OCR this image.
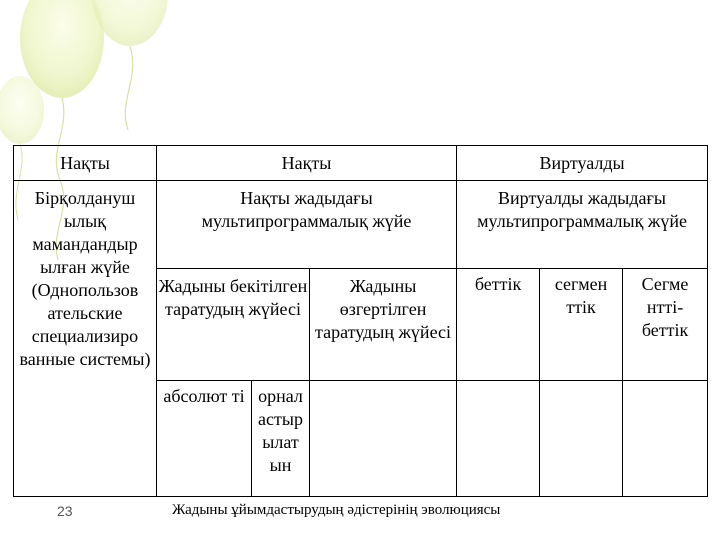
Нақты	Нақты			Виртуалды		
Бірқолдануш ылық мамандандыр ылған жүйе (Однопользов ательские специализиро ванные системы)	Нақты жадыдағы мультипрограммалық жүйе			Виртуалды жадыдағы мультипрограммалық жүйе		
	Жадыны бекітілген таратудың жүйесі		Жадыны өзгертілген таратудың жүйесі	беттік	сегмен ттік	Сегме нттi- беттік
	абсолют ті	орнал астыр ылат ын				
23	Жадыны ұйымдастырудың әдістерінің эволюциясы
